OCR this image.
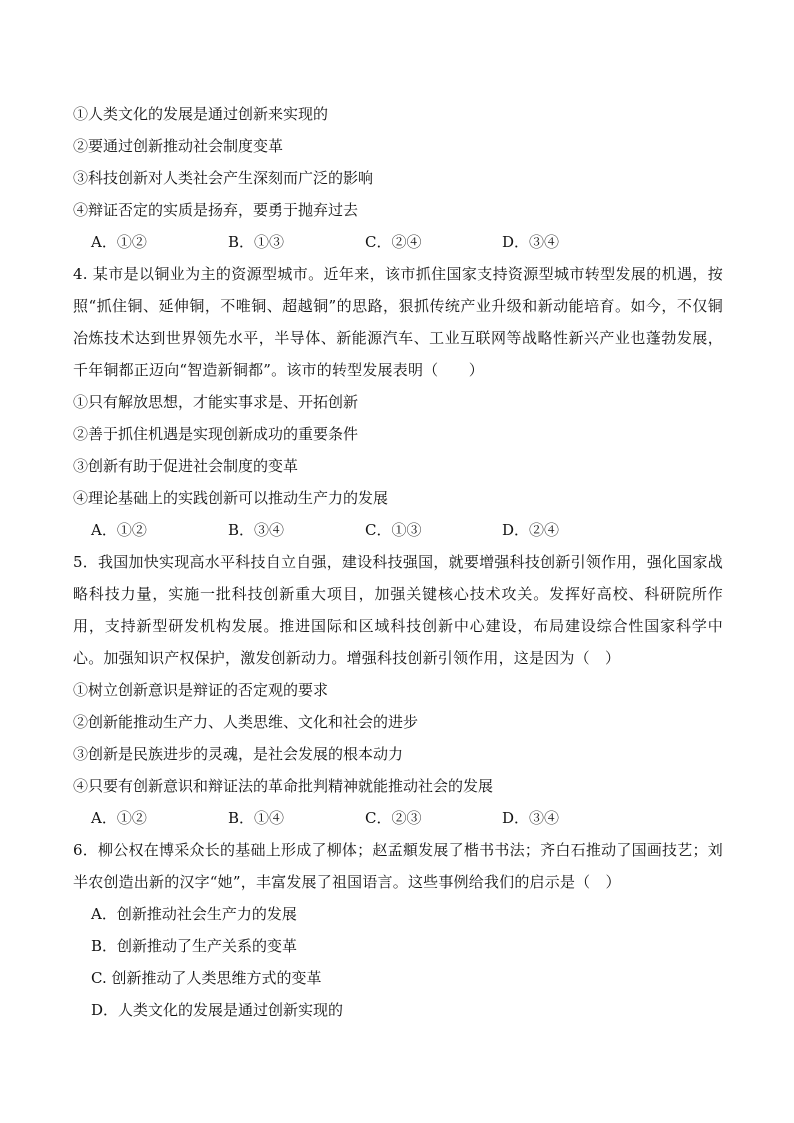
①人类文化的发展是通过创新来实现的
②要通过创新推动社会制度变革
③科技创新对人类社会产生深刻而广泛的影响
④辩证否定的实质是扬弃，要勇于抛弃过去
A．①②	B．①③	C．②④	D．③④
4. 某市是以铜业为主的资源型城市。近年来，该市抓住国家支持资源型城市转型发展的机遇，按照“抓住铜、延伸铜，不唯铜、超越铜”的思路，狠抓传统产业升级和新动能培育。如今，不仅铜冶炼技术达到世界领先水平，半导体、新能源汽车、工业互联网等战略性新兴产业也蓬勃发展，千年铜都正迈向“智造新铜都”。该市的转型发展表明（　　）
①只有解放思想，才能实事求是、开拓创新
②善于抓住机遇是实现创新成功的重要条件
③创新有助于促进社会制度的变革
④理论基础上的实践创新可以推动生产力的发展
A．①②	B．③④	C．①③	D．②④
5．我国加快实现高水平科技自立自强，建设科技强国，就要增强科技创新引领作用，强化国家战略科技力量，实施一批科技创新重大项目，加强关键核心技术攻关。发挥好高校、科研院所作用，支持新型研发机构发展。推进国际和区域科技创新中心建设，布局建设综合性国家科学中心。加强知识产权保护，激发创新动力。增强科技创新引领作用，这是因为（　）
①树立创新意识是辩证的否定观的要求
②创新能推动生产力、人类思维、文化和社会的进步
③创新是民族进步的灵魂，是社会发展的根本动力
④只要有创新意识和辩证法的革命批判精神就能推动社会的发展
A．①②	B．①④	C．②③	D．③④
6．柳公权在博采众长的基础上形成了柳体；赵孟頫发展了楷书书法；齐白石推动了国画技艺；刘半农创造出新的汉字“她”，丰富发展了祖国语言。这些事例给我们的启示是（　）
A．创新推动社会生产力的发展
B．创新推动了生产关系的变革
C. 创新推动了人类思维方式的变革
D．人类文化的发展是通过创新实现的
